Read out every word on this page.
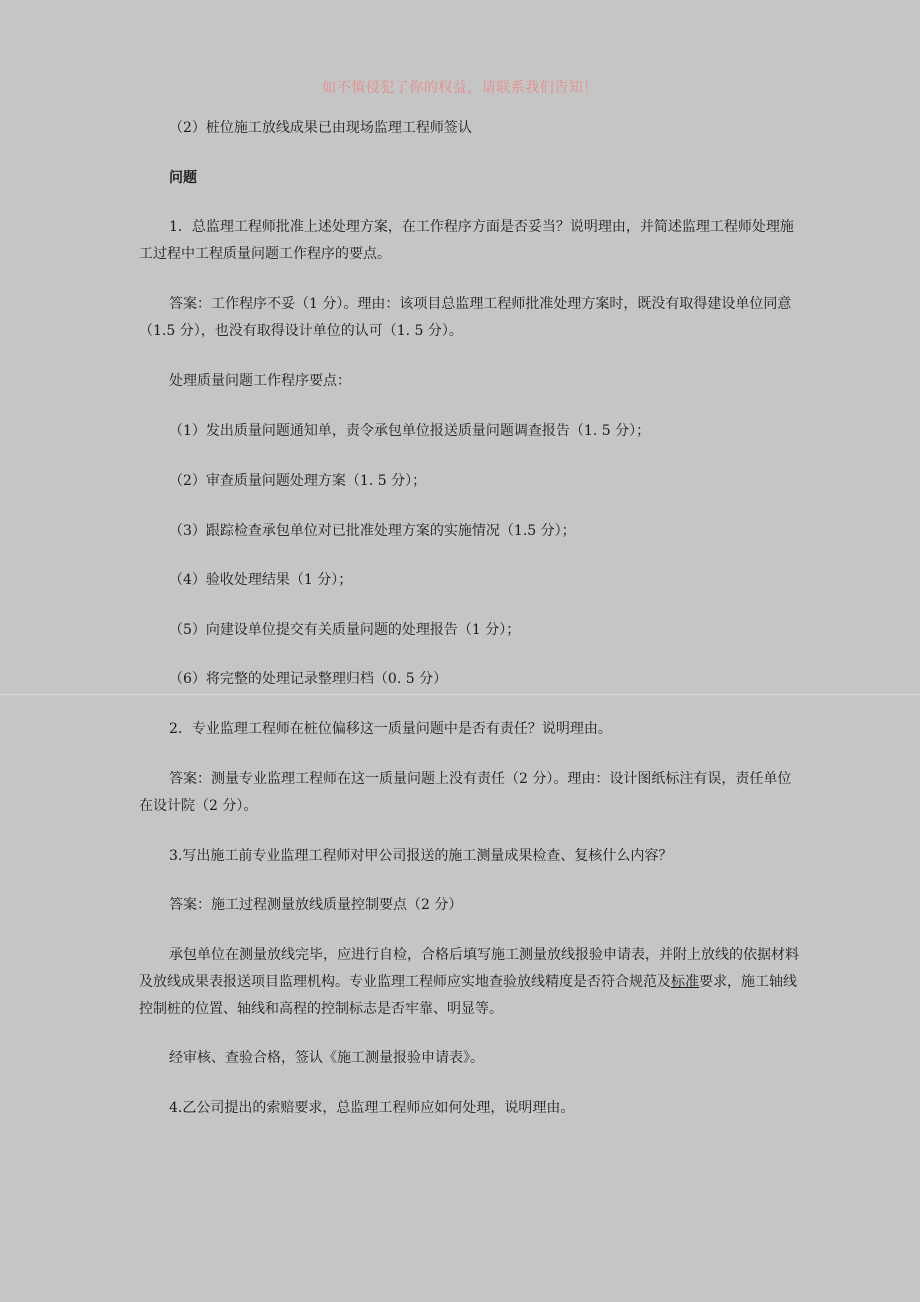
如不慎侵犯了你的权益，请联系我们告知！

（2）桩位施工放线成果已由现场监理工程师签认

问题

1．总监理工程师批准上述处理方案，在工作程序方面是否妥当？说明理由，并简述监理工程师处理施工过程中工程质量问题工作程序的要点。

答案：工作程序不妥（1 分）。理由：该项目总监理工程师批准处理方案时，既没有取得建设单位同意（1.5 分），也没有取得设计单位的认可（1. 5 分）。

处理质量问题工作程序要点：

（1）发出质量问题通知单，责令承包单位报送质量问题调查报告（1. 5 分）；

（2）审查质量问题处理方案（1. 5 分）；

（3）跟踪检查承包单位对已批准处理方案的实施情况（1.5 分）；

（4）验收处理结果（1 分）；

（5）向建设单位提交有关质量问题的处理报告（1 分）；

（6）将完整的处理记录整理归档（0. 5 分）

2．专业监理工程师在桩位偏移这一质量问题中是否有责任？说明理由。

答案：测量专业监理工程师在这一质量问题上没有责任（2 分）。理由：设计图纸标注有误，责任单位在设计院（2 分）。

3.写出施工前专业监理工程师对甲公司报送的施工测量成果检查、复核什么内容？

答案：施工过程测量放线质量控制要点（2 分）

承包单位在测量放线完毕，应进行自检，合格后填写施工测量放线报验申请表，并附上放线的依据材料及放线成果表报送项目监理机构。专业监理工程师应实地查验放线精度是否符合规范及标准要求，施工轴线控制桩的位置、轴线和高程的控制标志是否牢靠、明显等。

经审核、查验合格，签认《施工测量报验申请表》。

4.乙公司提出的索赔要求，总监理工程师应如何处理，说明理由。
